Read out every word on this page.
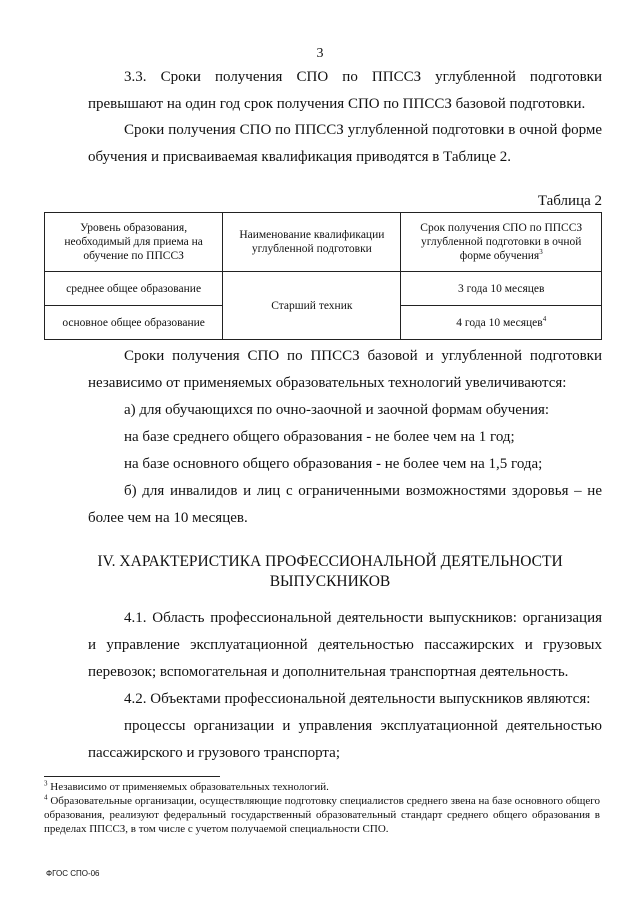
3
3.3. Сроки получения СПО по ППССЗ углубленной подготовки превышают на один год срок получения СПО по ППССЗ базовой подготовки.
Сроки получения СПО по ППССЗ углубленной подготовки в очной форме обучения и присваиваемая квалификация приводятся в Таблице 2.
Таблица 2
Уровень образования, необходимый для приема на обучение по ППССЗ	Наименование квалификации углубленной подготовки	Срок получения СПО по ППССЗ углубленной подготовки в очной форме обучения$^3$
среднее общее образование	Старший техник	3 года 10 месяцев
основное общее образование		4 года 10 месяцев$^4$
Сроки получения СПО по ППССЗ базовой и углубленной подготовки независимо от применяемых образовательных технологий увеличиваются:
а) для обучающихся по очно-заочной и заочной формам обучения:
на базе среднего общего образования - не более чем на 1 год;
на базе основного общего образования - не более чем на 1,5 года;
б) для инвалидов и лиц с ограниченными возможностями здоровья – не более чем на 10 месяцев.
IV. ХАРАКТЕРИСТИКА ПРОФЕССИОНАЛЬНОЙ ДЕЯТЕЛЬНОСТИ
ВЫПУСКНИКОВ
4.1. Область профессиональной деятельности выпускников: организация и управление эксплуатационной деятельностью пассажирских и грузовых перевозок; вспомогательная и дополнительная транспортная деятельность.
4.2. Объектами профессиональной деятельности выпускников являются:
процессы организации и управления эксплуатационной деятельностью пассажирского и грузового транспорта;

$^3$ Независимо от применяемых образовательных технологий.

$^4$ Образовательные организации, осуществляющие подготовку специалистов среднего звена на базе основного общего образования, реализуют федеральный государственный образовательный стандарт среднего общего образования в пределах ППССЗ, в том числе с учетом получаемой специальности СПО.

ФГОС СПО-06
